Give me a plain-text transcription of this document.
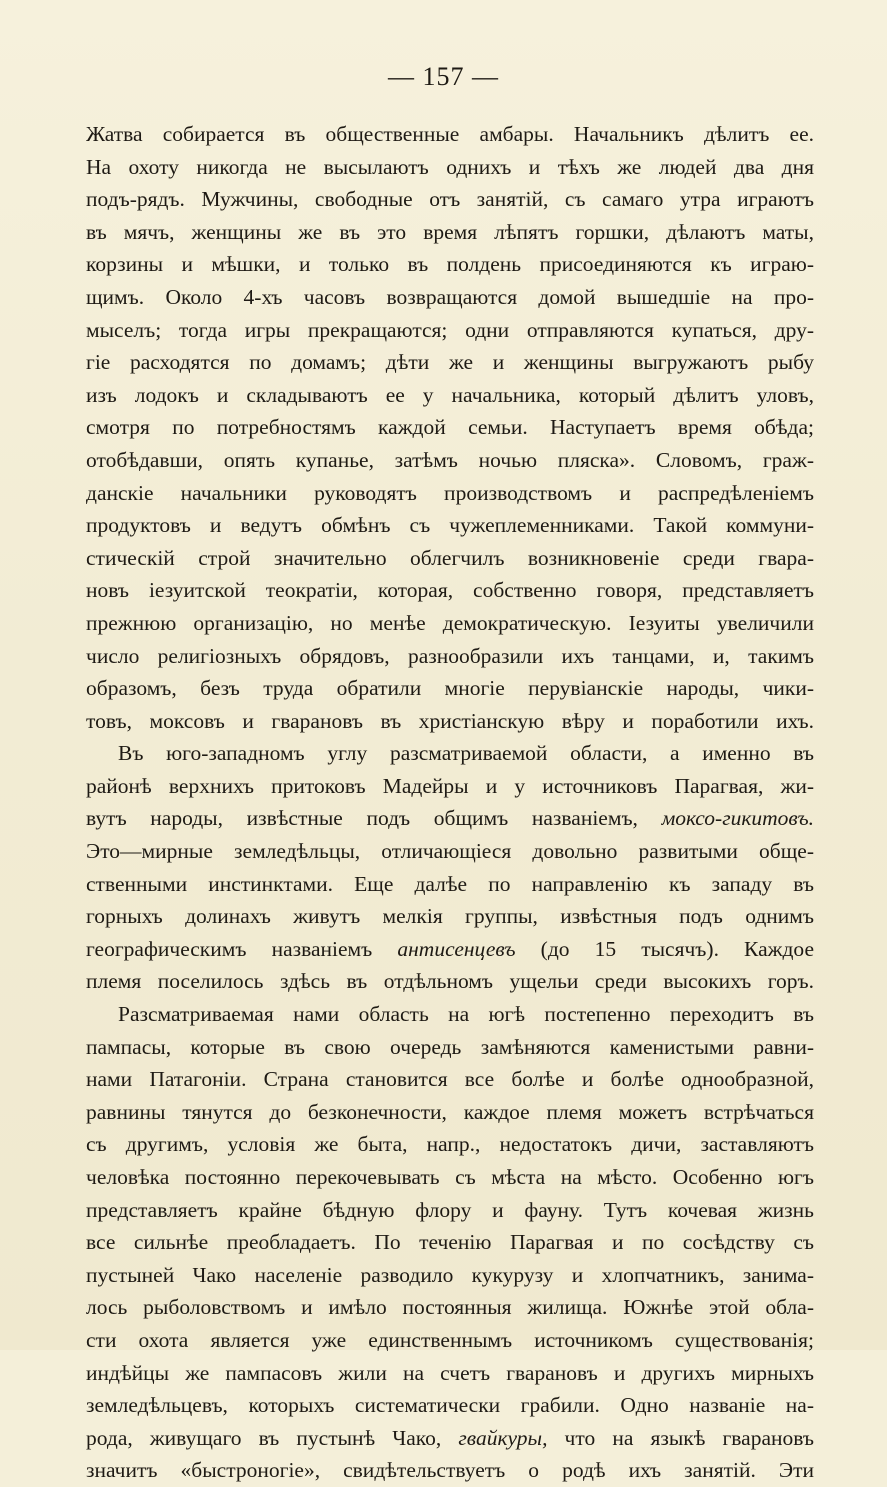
— 157 —
Жатва собирается въ общественные амбары. Начальникъ дѣлитъ ее.
На охоту никогда не высылаютъ однихъ и тѣхъ же людей два дня
подъ-рядъ. Мужчины, свободные отъ занятій, съ самаго утра играютъ
въ мячъ, женщины же въ это время лѣпятъ горшки, дѣлаютъ маты,
корзины и мѣшки, и только въ полдень присоединяются къ играю-
щимъ. Около 4-хъ часовъ возвращаются домой вышедшіе на про-
мыселъ; тогда игры прекращаются; одни отправляются купаться, дру-
гіе расходятся по домамъ; дѣти же и женщины выгружаютъ рыбу
изъ лодокъ и складываютъ ее у начальника, который дѣлитъ уловъ,
смотря по потребностямъ каждой семьи. Наступаетъ время обѣда;
отобѣдавши, опять купанье, затѣмъ ночью пляска». Словомъ, граж-
данскіе начальники руководятъ производствомъ и распредѣленіемъ
продуктовъ и ведутъ обмѣнъ съ чужеплеменниками. Такой коммуни-
стическій строй значительно облегчилъ возникновеніе среди гвара-
новъ іезуитской теократіи, которая, собственно говоря, представляетъ
прежнюю организацію, но менѣе демократическую. Іезуиты увеличили
число религіозныхъ обрядовъ, разнообразили ихъ танцами, и, такимъ
образомъ, безъ труда обратили многіе перувіанскіе народы, чики-
товъ, моксовъ и гварановъ въ христіанскую вѣру и поработили ихъ.
Въ юго-западномъ углу разсматриваемой области, а именно въ
районѣ верхнихъ притоковъ Мадейры и у источниковъ Парагвая, жи-
вутъ народы, извѣстные подъ общимъ названіемъ, моксо-гикитовъ.
Это—мирные земледѣльцы, отличающіеся довольно развитыми обще-
ственными инстинктами. Еще далѣе по направленію къ западу въ
горныхъ долинахъ живутъ мелкія группы, извѣстныя подъ однимъ
географическимъ названіемъ антисенцевъ (до 15 тысячъ). Каждое
племя поселилось здѣсь въ отдѣльномъ ущельи среди высокихъ горъ.
Разсматриваемая нами область на югѣ постепенно переходитъ въ
пампасы, которые въ свою очередь замѣняются каменистыми равни-
нами Патагоніи. Страна становится все болѣе и болѣе однообразной,
равнины тянутся до безконечности, каждое племя можетъ встрѣчаться
съ другимъ, условія же быта, напр., недостатокъ дичи, заставляютъ
человѣка постоянно перекочевывать съ мѣста на мѣсто. Особенно югъ
представляетъ крайне бѣдную флору и фауну. Тутъ кочевая жизнь
все сильнѣе преобладаетъ. По теченію Парагвая и по сосѣдству съ
пустыней Чако населеніе разводило кукурузу и хлопчатникъ, занима-
лось рыболовствомъ и имѣло постоянныя жилища. Южнѣе этой обла-
сти охота является уже единственнымъ источникомъ существованія;
индѣйцы же пампасовъ жили на счетъ гварановъ и другихъ мирныхъ
земледѣльцевъ, которыхъ систематически грабили. Одно названіе на-
рода, живущаго въ пустынѣ Чако, гвайкуры, что на языкѣ гварановъ
значитъ «быстроногіе», свидѣтельствуетъ о родѣ ихъ занятій. Эти
